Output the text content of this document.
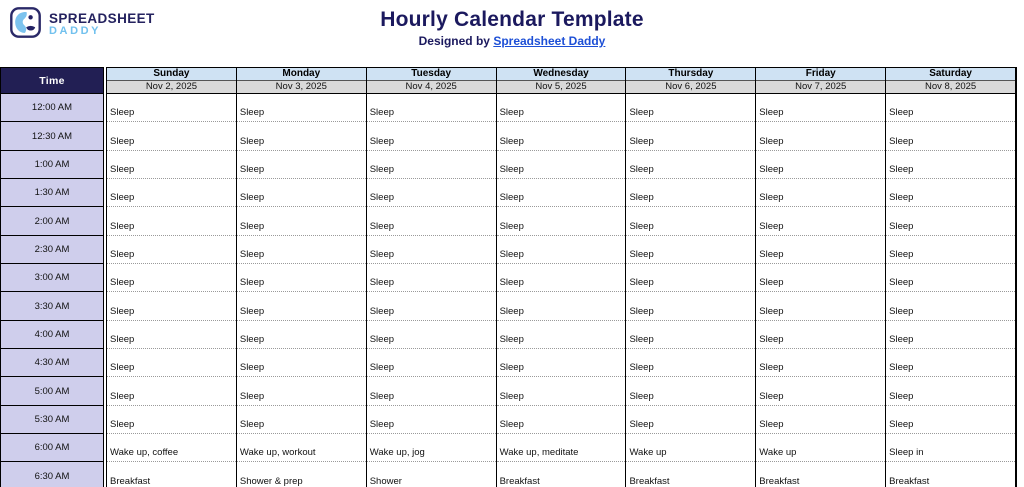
SPREADSHEET
DADDY
Hourly Calendar Template
Designed by Spreadsheet Daddy
Time
12:00 AM
12:30 AM
1:00 AM
1:30 AM
2:00 AM
2:30 AM
3:00 AM
3:30 AM
4:00 AM
4:30 AM
5:00 AM
5:30 AM
6:00 AM
6:30 AM
Sunday
Nov 2, 2025
Sleep
Sleep
Sleep
Sleep
Sleep
Sleep
Sleep
Sleep
Sleep
Sleep
Sleep
Sleep
Wake up, coffee
Breakfast
Monday
Nov 3, 2025
Sleep
Sleep
Sleep
Sleep
Sleep
Sleep
Sleep
Sleep
Sleep
Sleep
Sleep
Sleep
Wake up, workout
Shower & prep
Tuesday
Nov 4, 2025
Sleep
Sleep
Sleep
Sleep
Sleep
Sleep
Sleep
Sleep
Sleep
Sleep
Sleep
Sleep
Wake up, jog
Shower
Wednesday
Nov 5, 2025
Sleep
Sleep
Sleep
Sleep
Sleep
Sleep
Sleep
Sleep
Sleep
Sleep
Sleep
Sleep
Wake up, meditate
Breakfast
Thursday
Nov 6, 2025
Sleep
Sleep
Sleep
Sleep
Sleep
Sleep
Sleep
Sleep
Sleep
Sleep
Sleep
Sleep
Wake up
Breakfast
Friday
Nov 7, 2025
Sleep
Sleep
Sleep
Sleep
Sleep
Sleep
Sleep
Sleep
Sleep
Sleep
Sleep
Sleep
Wake up
Breakfast
Saturday
Nov 8, 2025
Sleep
Sleep
Sleep
Sleep
Sleep
Sleep
Sleep
Sleep
Sleep
Sleep
Sleep
Sleep
Sleep in
Breakfast
